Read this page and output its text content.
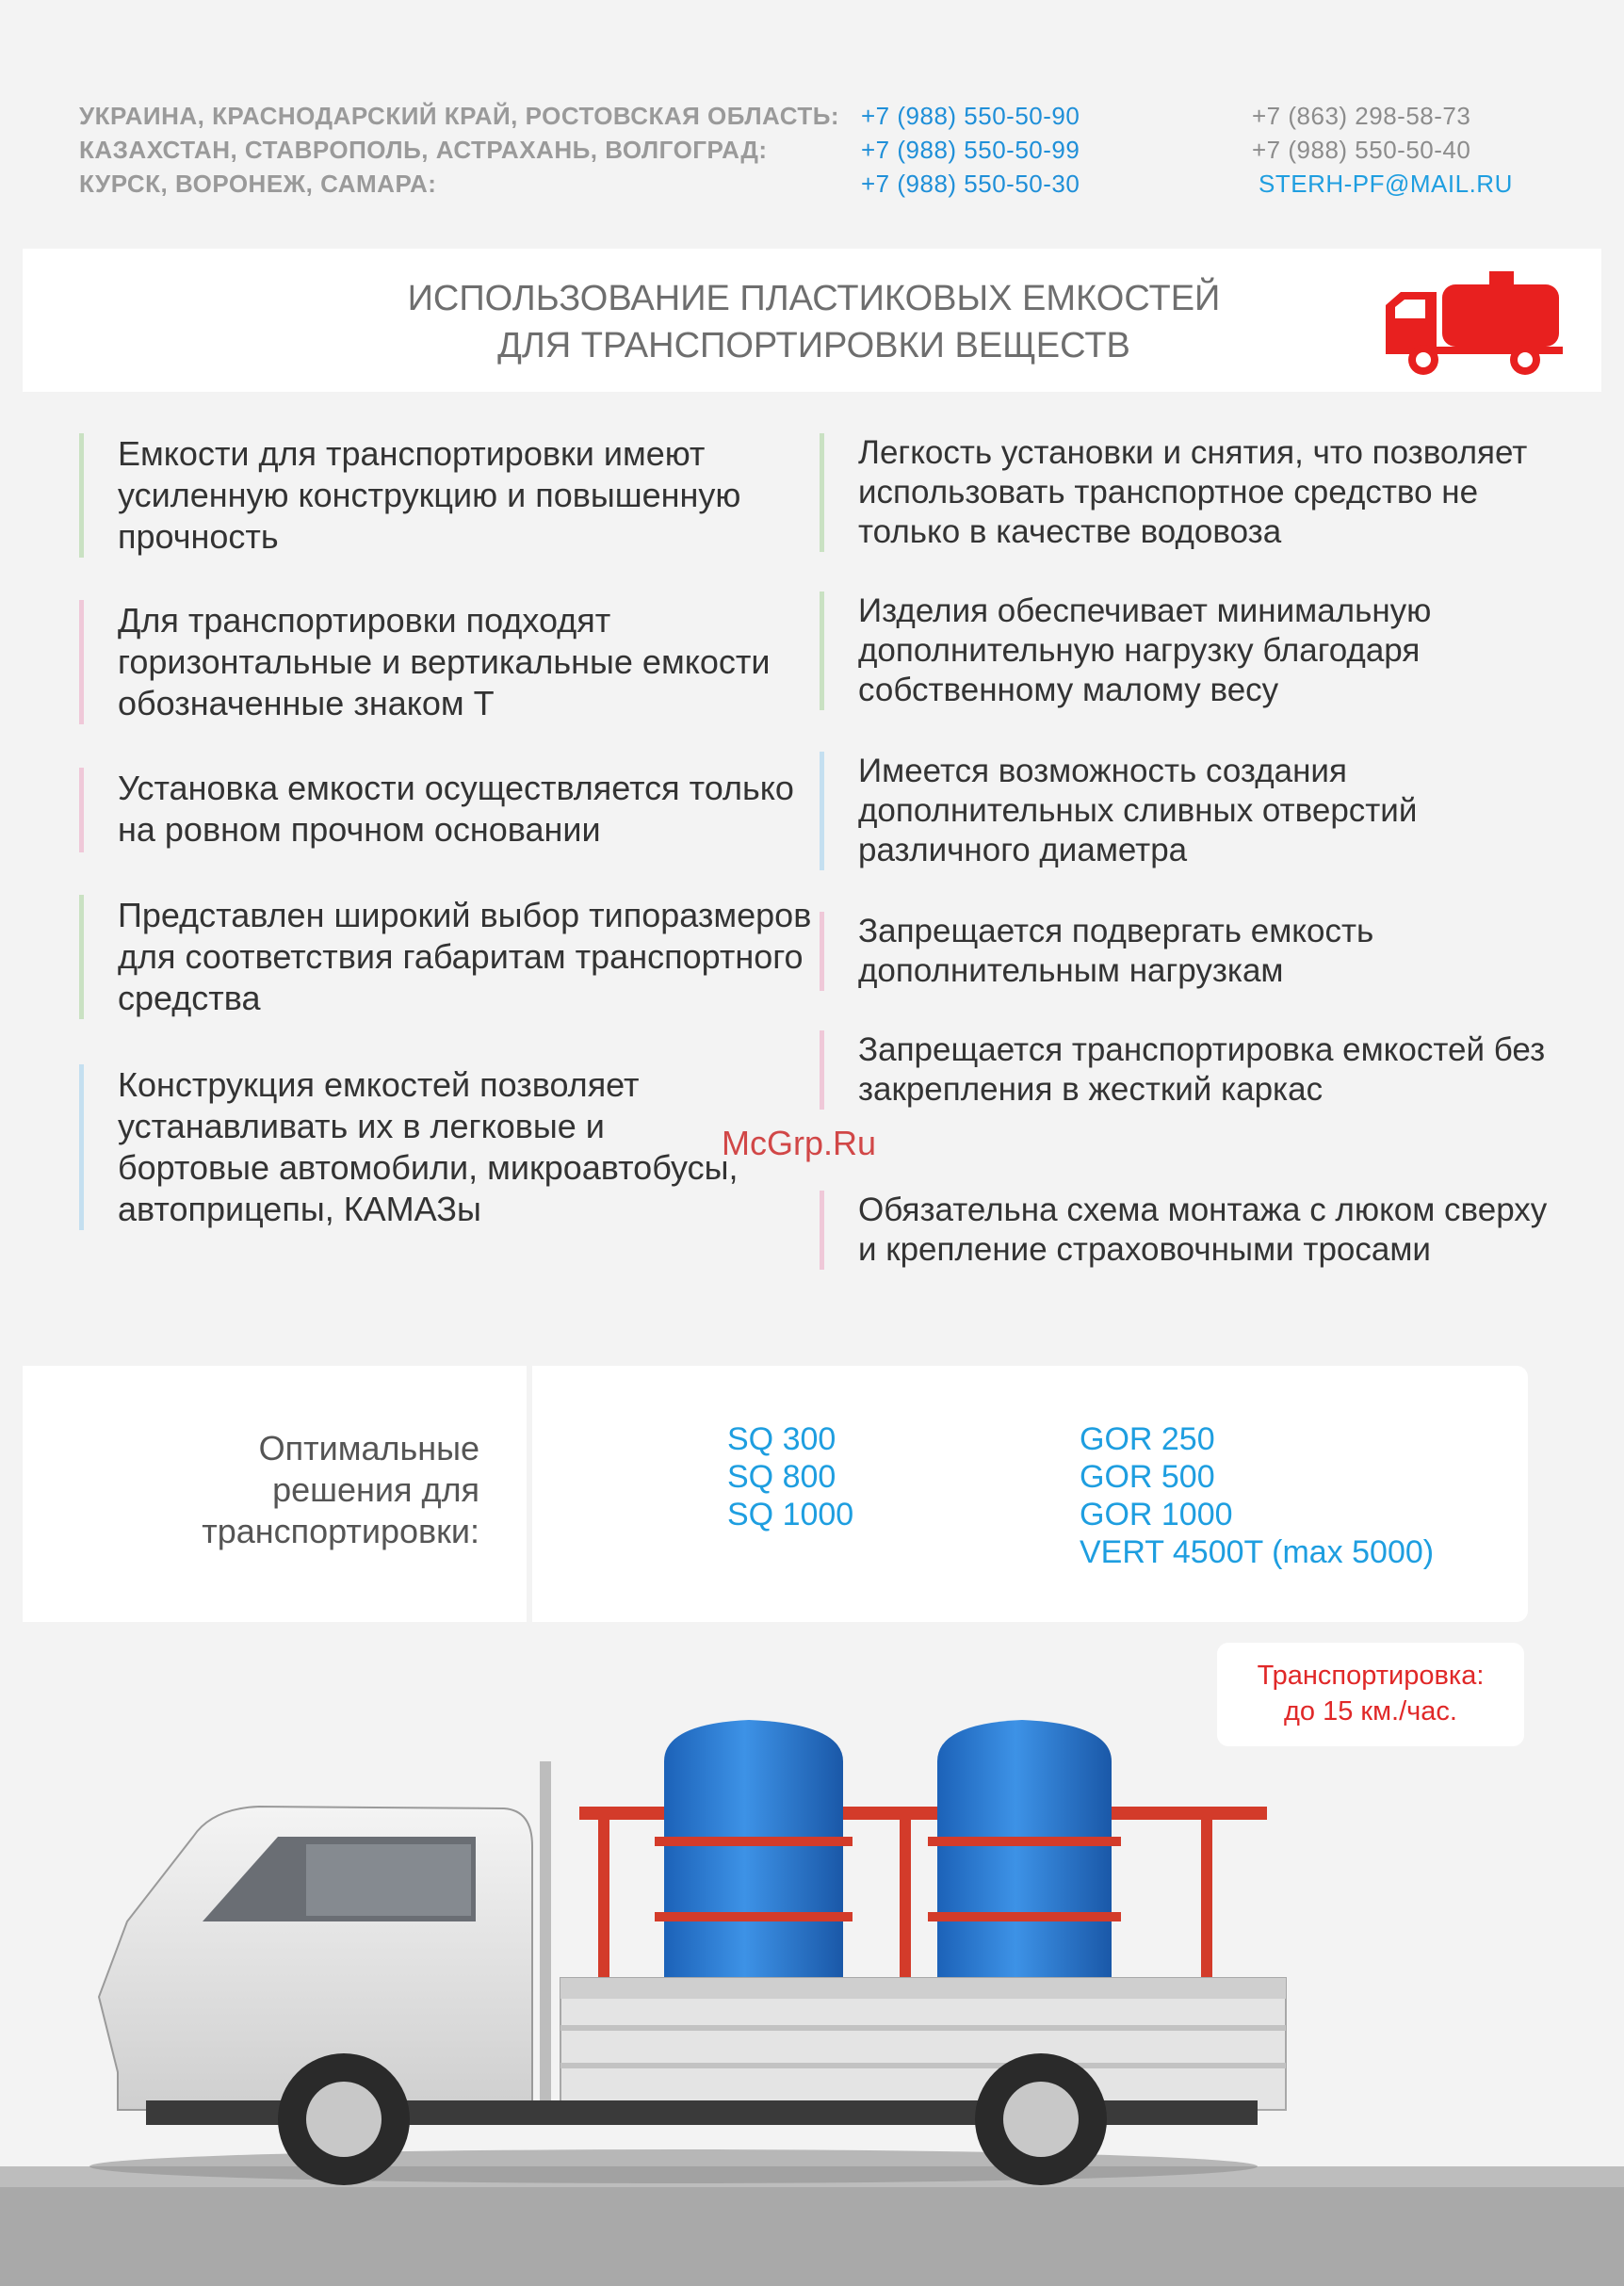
УКРАИНА, КРАСНОДАРСКИЙ КРАЙ, РОСТОВСКАЯ ОБЛАСТЬ: +7 (988) 550-50-90	+7 (863) 298-58-73
КАЗАХСТАН, СТАВРОПОЛЬ, АСТРАХАНЬ, ВОЛГОГРАД:	+7 (988) 550-50-99	+7 (988) 550-50-40
КУРСК, ВОРОНЕЖ, САМАРА:	+7 (988) 550-50-30	STERH-PF@MAIL.RU
ИСПОЛЬЗОВАНИЕ ПЛАСТИКОВЫХ ЕМКОСТЕЙ
ДЛЯ ТРАНСПОРТИРОВКИ ВЕЩЕСТВ
Емкости для транспортировки имеют усиленную конструкцию и повышенную прочность
Для транспортировки подходят горизонтальные и вертикальные емкости обозначенные знаком Т
Установка емкости осуществляется только на ровном прочном основании
Представлен широкий выбор типоразмеров для соответствия габаритам транспортного средства
Конструкция емкостей позволяет устанавливать их в легковые и бортовые автомобили, микроавтобусы, автоприцепы, КАМАЗы
Легкость установки и снятия, что позволяет использовать транспортное средство не только в качестве водовоза
Изделия обеспечивает минимальную дополнительную нагрузку благодаря собственному малому весу
Имеется возможность создания дополнительных сливных отверстий различного диаметра
Запрещается подвергать емкость дополнительным нагрузкам
Запрещается транспортировка емкостей без закрепления в жесткий каркас
Обязательна схема монтажа с люком сверху и крепление страховочными тросами
McGrp.Ru
Оптимальные решения для транспортировки:
SQ 300
SQ 800
SQ 1000
GOR 250
GOR 500
GOR 1000
VERT 4500T (max 5000)
Транспортировка:
до 15 км./час.
